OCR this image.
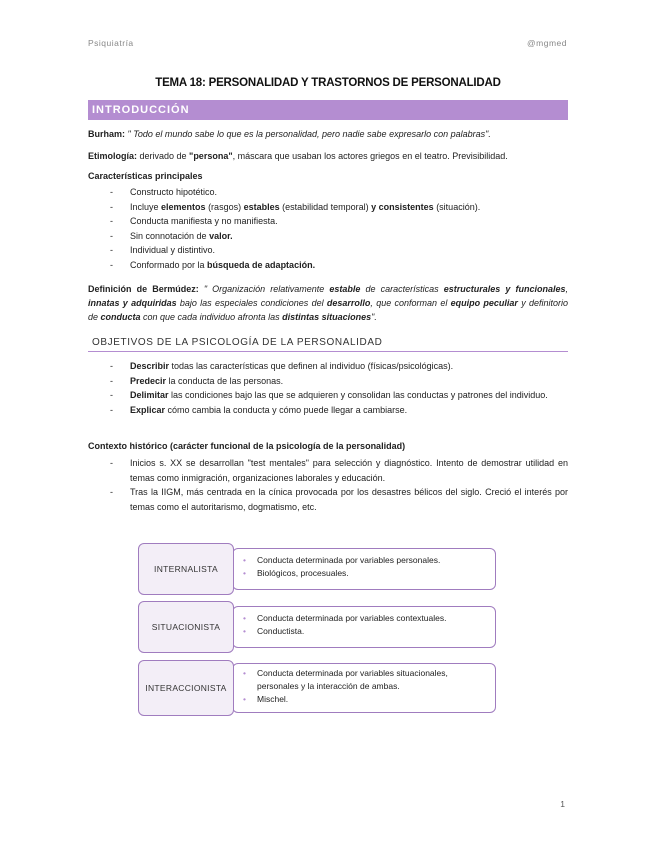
Psiquiatría	@mgmed
TEMA 18: PERSONALIDAD Y TRASTORNOS DE PERSONALIDAD
INTRODUCCIÓN

Burham: " Todo el mundo sabe lo que es la personalidad, pero nadie sabe expresarlo con palabras".

Etimología: derivado de "persona", máscara que usaban los actores griegos en el teatro. Previsibilidad.

Características principales
- Constructo hipotético.
- Incluye elementos (rasgos) estables (estabilidad temporal) y consistentes (situación).
- Conducta manifiesta y no manifiesta.
- Sin connotación de valor.
- Individual y distintivo.
- Conformado por la búsqueda de adaptación.

Definición de Bermúdez: " Organización relativamente estable de características estructurales y funcionales, innatas y adquiridas bajo las especiales condiciones del desarrollo, que conforman el equipo peculiar y definitorio de conducta con que cada individuo afronta las distintas situaciones".

OBJETIVOS DE LA PSICOLOGÍA DE LA PERSONALIDAD
- Describir todas las características que definen al individuo (físicas/psicológicas).
- Predecir la conducta de las personas.
- Delimitar las condiciones bajo las que se adquieren y consolidan las conductas y patrones del individuo.
- Explicar cómo cambia la conducta y cómo puede llegar a cambiarse.
Contexto histórico (carácter funcional de la psicología de la personalidad)
- Inicios s. XX se desarrollan "test mentales" para selección y diagnóstico. Intento de demostrar utilidad en temas como inmigración, organizaciones laborales y educación.
- Tras la IIGM, más centrada en la cínica provocada por los desastres bélicos del siglo. Creció el interés por temas como el autoritarismo, dogmatismo, etc.
INTERNALISTA
• Conducta determinada por variables personales.
• Biológicos, procesuales.
SITUACIONISTA
• Conducta determinada por variables contextuales.
• Conductista.
INTERACCIONISTA
• Conducta determinada por variables situacionales, personales y la interacción de ambas.
• Mischel.
1
